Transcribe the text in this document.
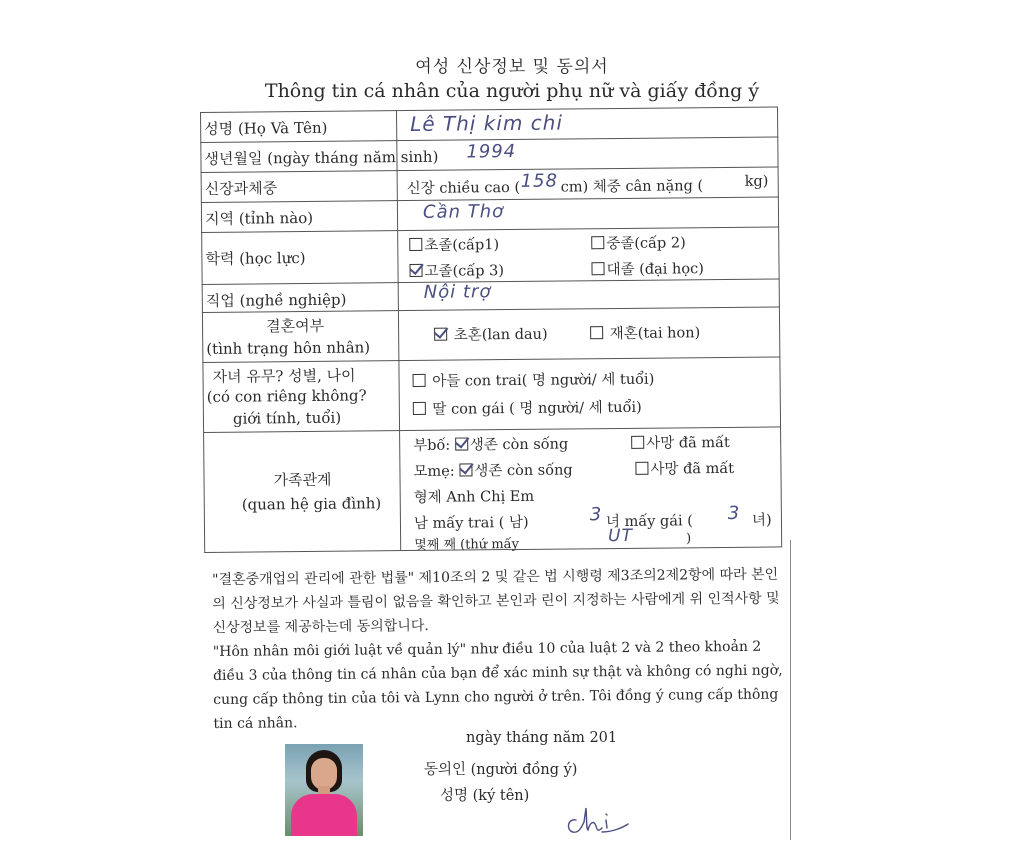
여성 신상정보 및 동의서
Thông tin cá nhân của người phụ nữ và giấy đồng ý
성명 (Họ Và Tên)	Lê Thị kim chi
생년월일 (ngày tháng năm sinh) 1994
신장과체중	신장 chiều cao ( 158 cm) 체중 cân nặng (	kg)
지역 (tỉnh nào)	Cần Thơ
학력 (học lực)
초졸(cấp1)	중졸(cấp 2)
고졸(cấp 3)	대졸 (đại học)
직업 (nghề nghiệp)	Nội trợ
결혼여부
(tình trạng hôn nhân)
초혼(lan dau)	재혼(tai hon)
자녀 유무? 성별, 나이
(có con riêng không?
giới tính, tuổi)
아들 con trai( 명 người/ 세 tuổi)
딸 con gái ( 명 người/ 세 tuổi)
가족관계
(quan hệ gia đình)
부bố: 생존 còn sống	사망 đã mất
모mẹ: 생존 còn sống	사망 đã mất
형제 Anh Chị Em
남 mấy trai ( 남)	3 녀 mấy gái ( 3 녀)
몇째 째 (thứ mấy	ÚT	)

"결혼중개업의 관리에 관한 법률" 제10조의 2 및 같은 법 시행령 제3조의2제2항에 따라 본인의 신상정보가 사실과 틀림이 없음을 확인하고 본인과 린이 지정하는 사람에게 위 인적사항 및 신상정보를 제공하는데 동의합니다.

"Hôn nhân môi giới luật về quản lý" như điều 10 của luật 2 và 2 theo khoản 2 điều 3 của thông tin cá nhân của bạn để xác minh sự thật và không có nghi ngờ, cung cấp thông tin của tôi và Lynn cho người ở trên. Tôi đồng ý cung cấp thông tin cá nhân.

ngày tháng năm 201
동의인 (người đồng ý)
성명 (ký tên)
